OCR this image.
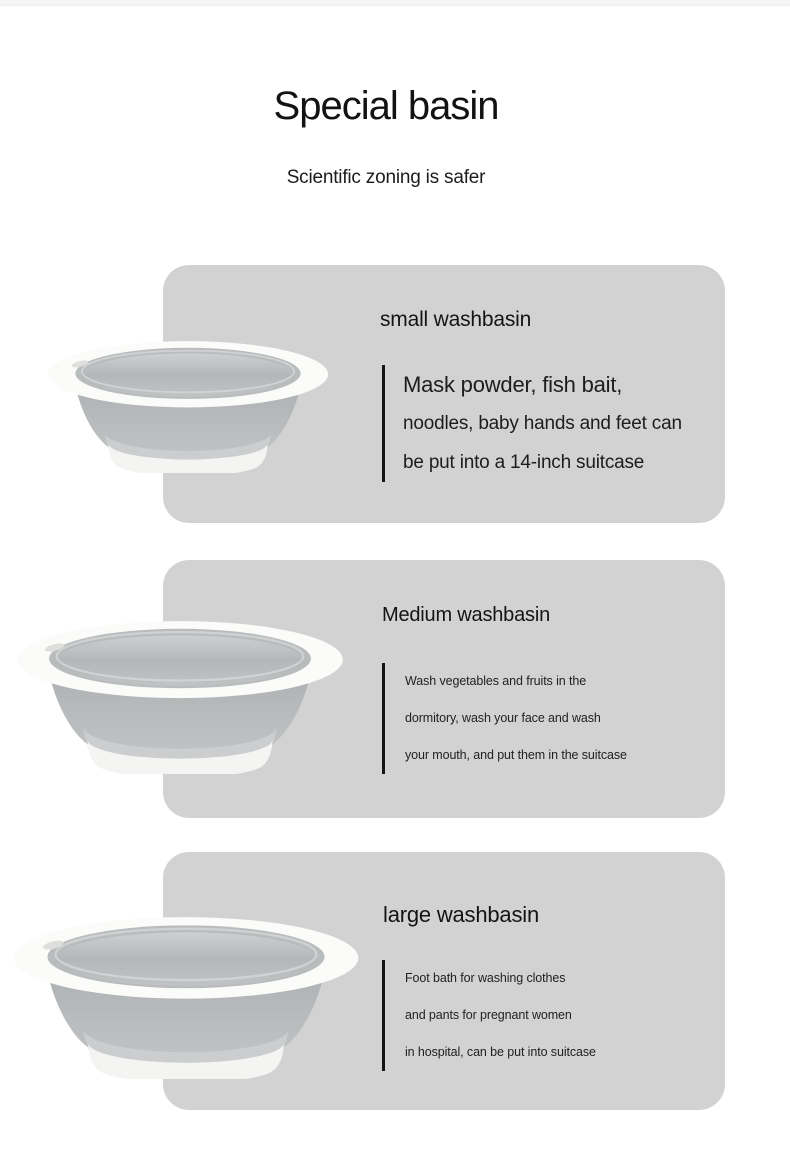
Special basin
Scientific zoning is safer
small washbasin
Mask powder, fish bait,
noodles, baby hands and feet can
be put into a 14-inch suitcase
Medium washbasin
Wash vegetables and fruits in the
dormitory, wash your face and wash
your mouth, and put them in the suitcase
large washbasin
Foot bath for washing clothes
and pants for pregnant women
in hospital, can be put into suitcase
